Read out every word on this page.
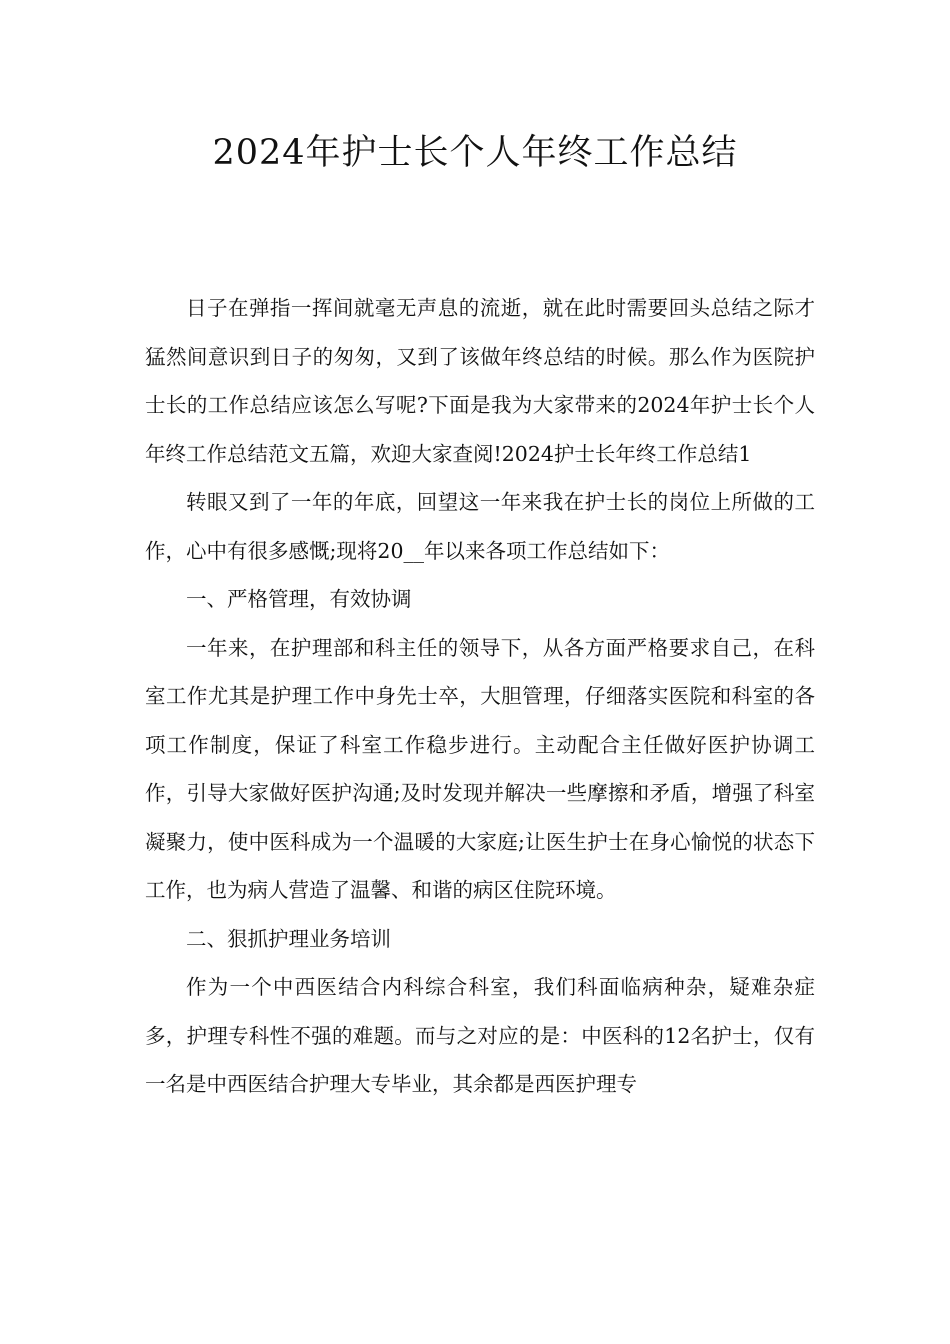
2024年护士长个人年终工作总结

日子在弹指一挥间就毫无声息的流逝，就在此时需要回头总结之际才猛然间意识到日子的匆匆，又到了该做年终总结的时候。那么作为医院护士长的工作总结应该怎么写呢?下面是我为大家带来的2024年护士长个人年终工作总结范文五篇，欢迎大家查阅!2024护士长年终工作总结1

转眼又到了一年的年底，回望这一年来我在护士长的岗位上所做的工作，心中有很多感慨;现将20__年以来各项工作总结如下：

一、严格管理，有效协调

一年来，在护理部和科主任的领导下，从各方面严格要求自己，在科室工作尤其是护理工作中身先士卒，大胆管理，仔细落实医院和科室的各项工作制度，保证了科室工作稳步进行。主动配合主任做好医护协调工作，引导大家做好医护沟通;及时发现并解决一些摩擦和矛盾，增强了科室凝聚力，使中医科成为一个温暖的大家庭;让医生护士在身心愉悦的状态下工作，也为病人营造了温馨、和谐的病区住院环境。

二、狠抓护理业务培训

作为一个中西医结合内科综合科室，我们科面临病种杂，疑难杂症多，护理专科性不强的难题。而与之对应的是：中医科的12名护士，仅有一名是中西医结合护理大专毕业，其余都是西医护理专
